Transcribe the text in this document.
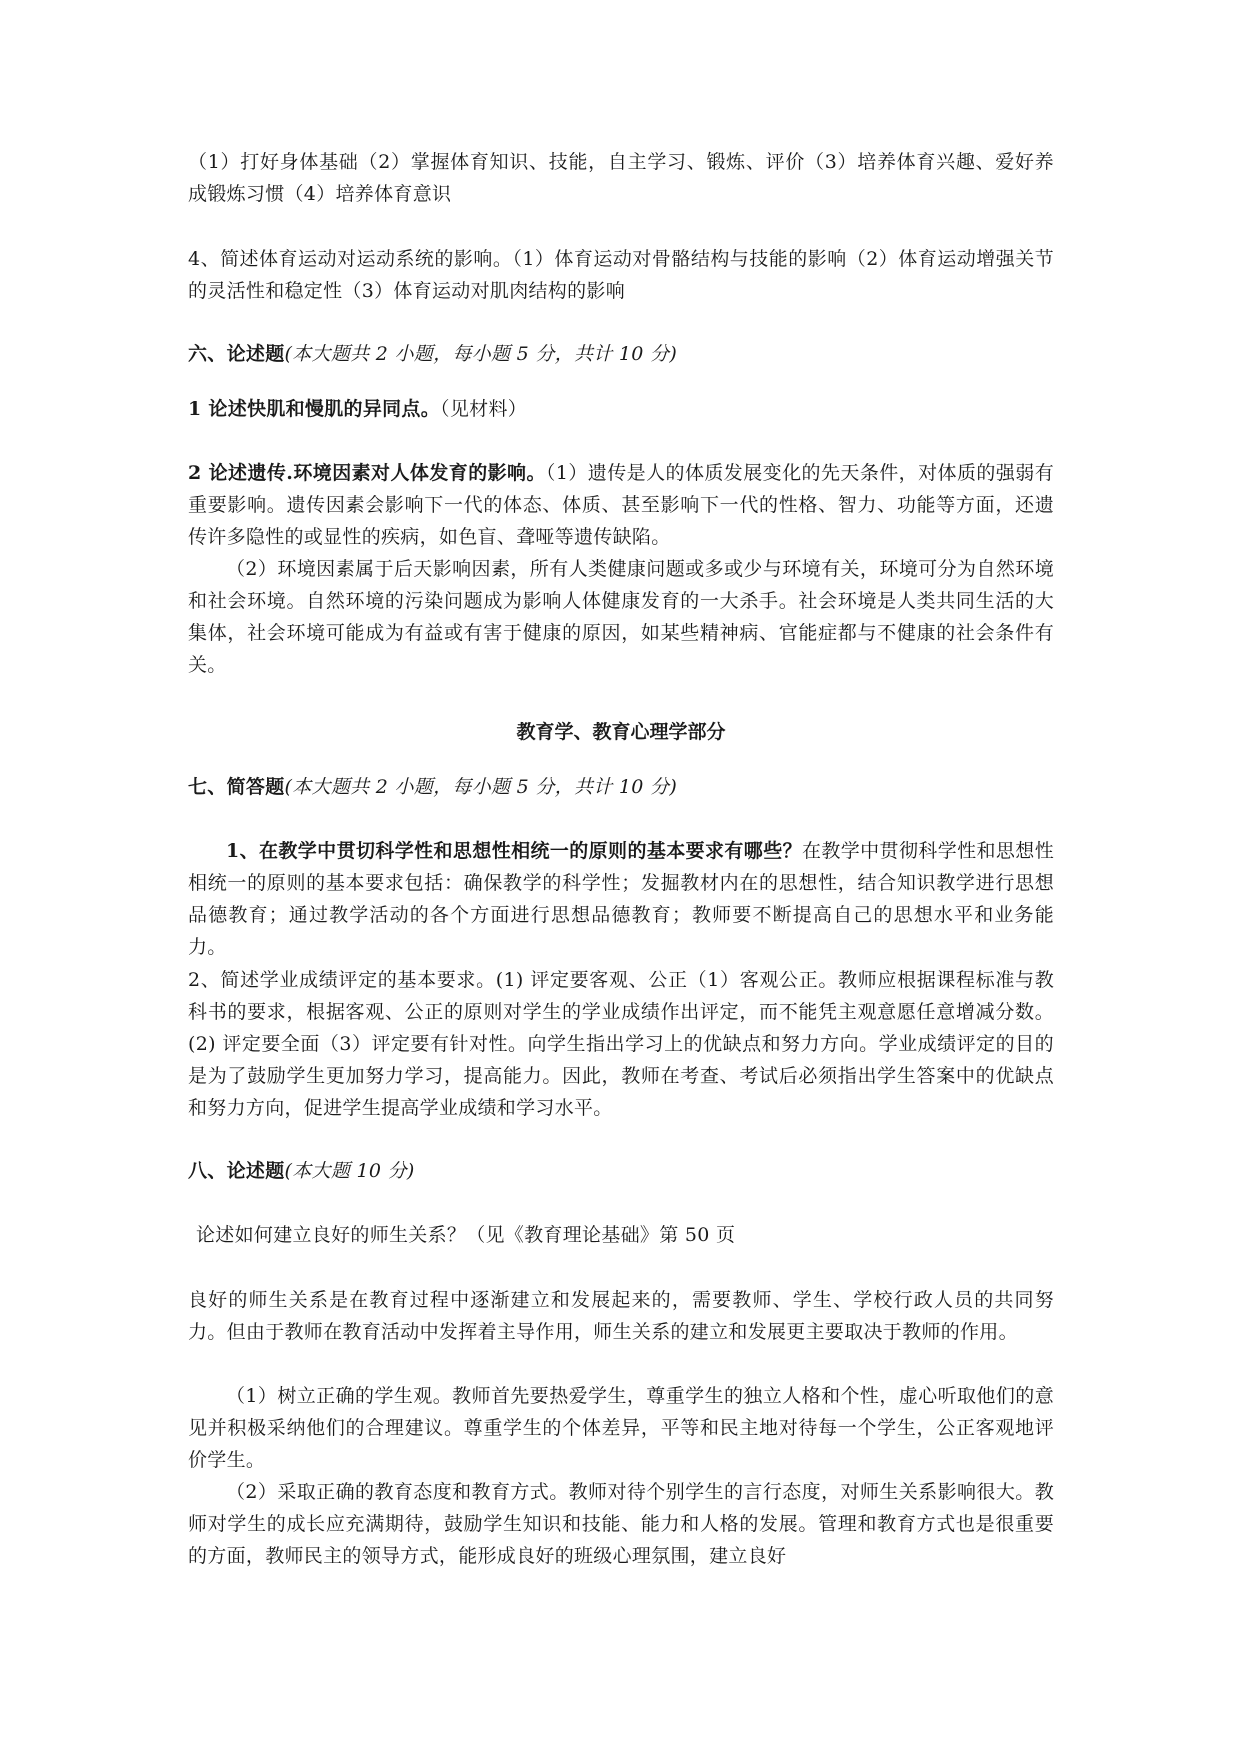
（1）打好身体基础（2）掌握体育知识、技能，自主学习、锻炼、评价（3）培养体育兴趣、爱好养成锻炼习惯（4）培养体育意识

4、简述体育运动对运动系统的影响。（1）体育运动对骨骼结构与技能的影响（2）体育运动增强关节的灵活性和稳定性（3）体育运动对肌肉结构的影响

六、论述题(本大题共 2 小题，每小题 5 分，共计 10 分)

1 论述快肌和慢肌的异同点。（见材料）

2 论述遗传.环境因素对人体发育的影响。（1）遗传是人的体质发展变化的先天条件，对体质的强弱有重要影响。遗传因素会影响下一代的体态、体质、甚至影响下一代的性格、智力、功能等方面，还遗传许多隐性的或显性的疾病，如色盲、聋哑等遗传缺陷。

（2）环境因素属于后天影响因素，所有人类健康问题或多或少与环境有关，环境可分为自然环境和社会环境。自然环境的污染问题成为影响人体健康发育的一大杀手。社会环境是人类共同生活的大集体，社会环境可能成为有益或有害于健康的原因，如某些精神病、官能症都与不健康的社会条件有关。

教育学、教育心理学部分

七、简答题(本大题共 2 小题，每小题 5 分，共计 10 分)

1、在教学中贯切科学性和思想性相统一的原则的基本要求有哪些？在教学中贯彻科学性和思想性相统一的原则的基本要求包括：确保教学的科学性；发掘教材内在的思想性，结合知识教学进行思想品德教育；通过教学活动的各个方面进行思想品德教育；教师要不断提高自己的思想水平和业务能力。

2、简述学业成绩评定的基本要求。(1) 评定要客观、公正（1）客观公正。教师应根据课程标准与教科书的要求，根据客观、公正的原则对学生的学业成绩作出评定，而不能凭主观意愿任意增减分数。(2) 评定要全面（3）评定要有针对性。向学生指出学习上的优缺点和努力方向。学业成绩评定的目的是为了鼓励学生更加努力学习，提高能力。因此，教师在考查、考试后必须指出学生答案中的优缺点和努力方向，促进学生提高学业成绩和学习水平。

八、论述题(本大题 10 分)

论述如何建立良好的师生关系？（见《教育理论基础》第 50 页

良好的师生关系是在教育过程中逐渐建立和发展起来的，需要教师、学生、学校行政人员的共同努力。但由于教师在教育活动中发挥着主导作用，师生关系的建立和发展更主要取决于教师的作用。

（1）树立正确的学生观。教师首先要热爱学生，尊重学生的独立人格和个性，虚心听取他们的意见并积极采纳他们的合理建议。尊重学生的个体差异，平等和民主地对待每一个学生，公正客观地评价学生。

（2）采取正确的教育态度和教育方式。教师对待个别学生的言行态度，对师生关系影响很大。教师对学生的成长应充满期待，鼓励学生知识和技能、能力和人格的发展。管理和教育方式也是很重要的方面，教师民主的领导方式，能形成良好的班级心理氛围，建立良好
